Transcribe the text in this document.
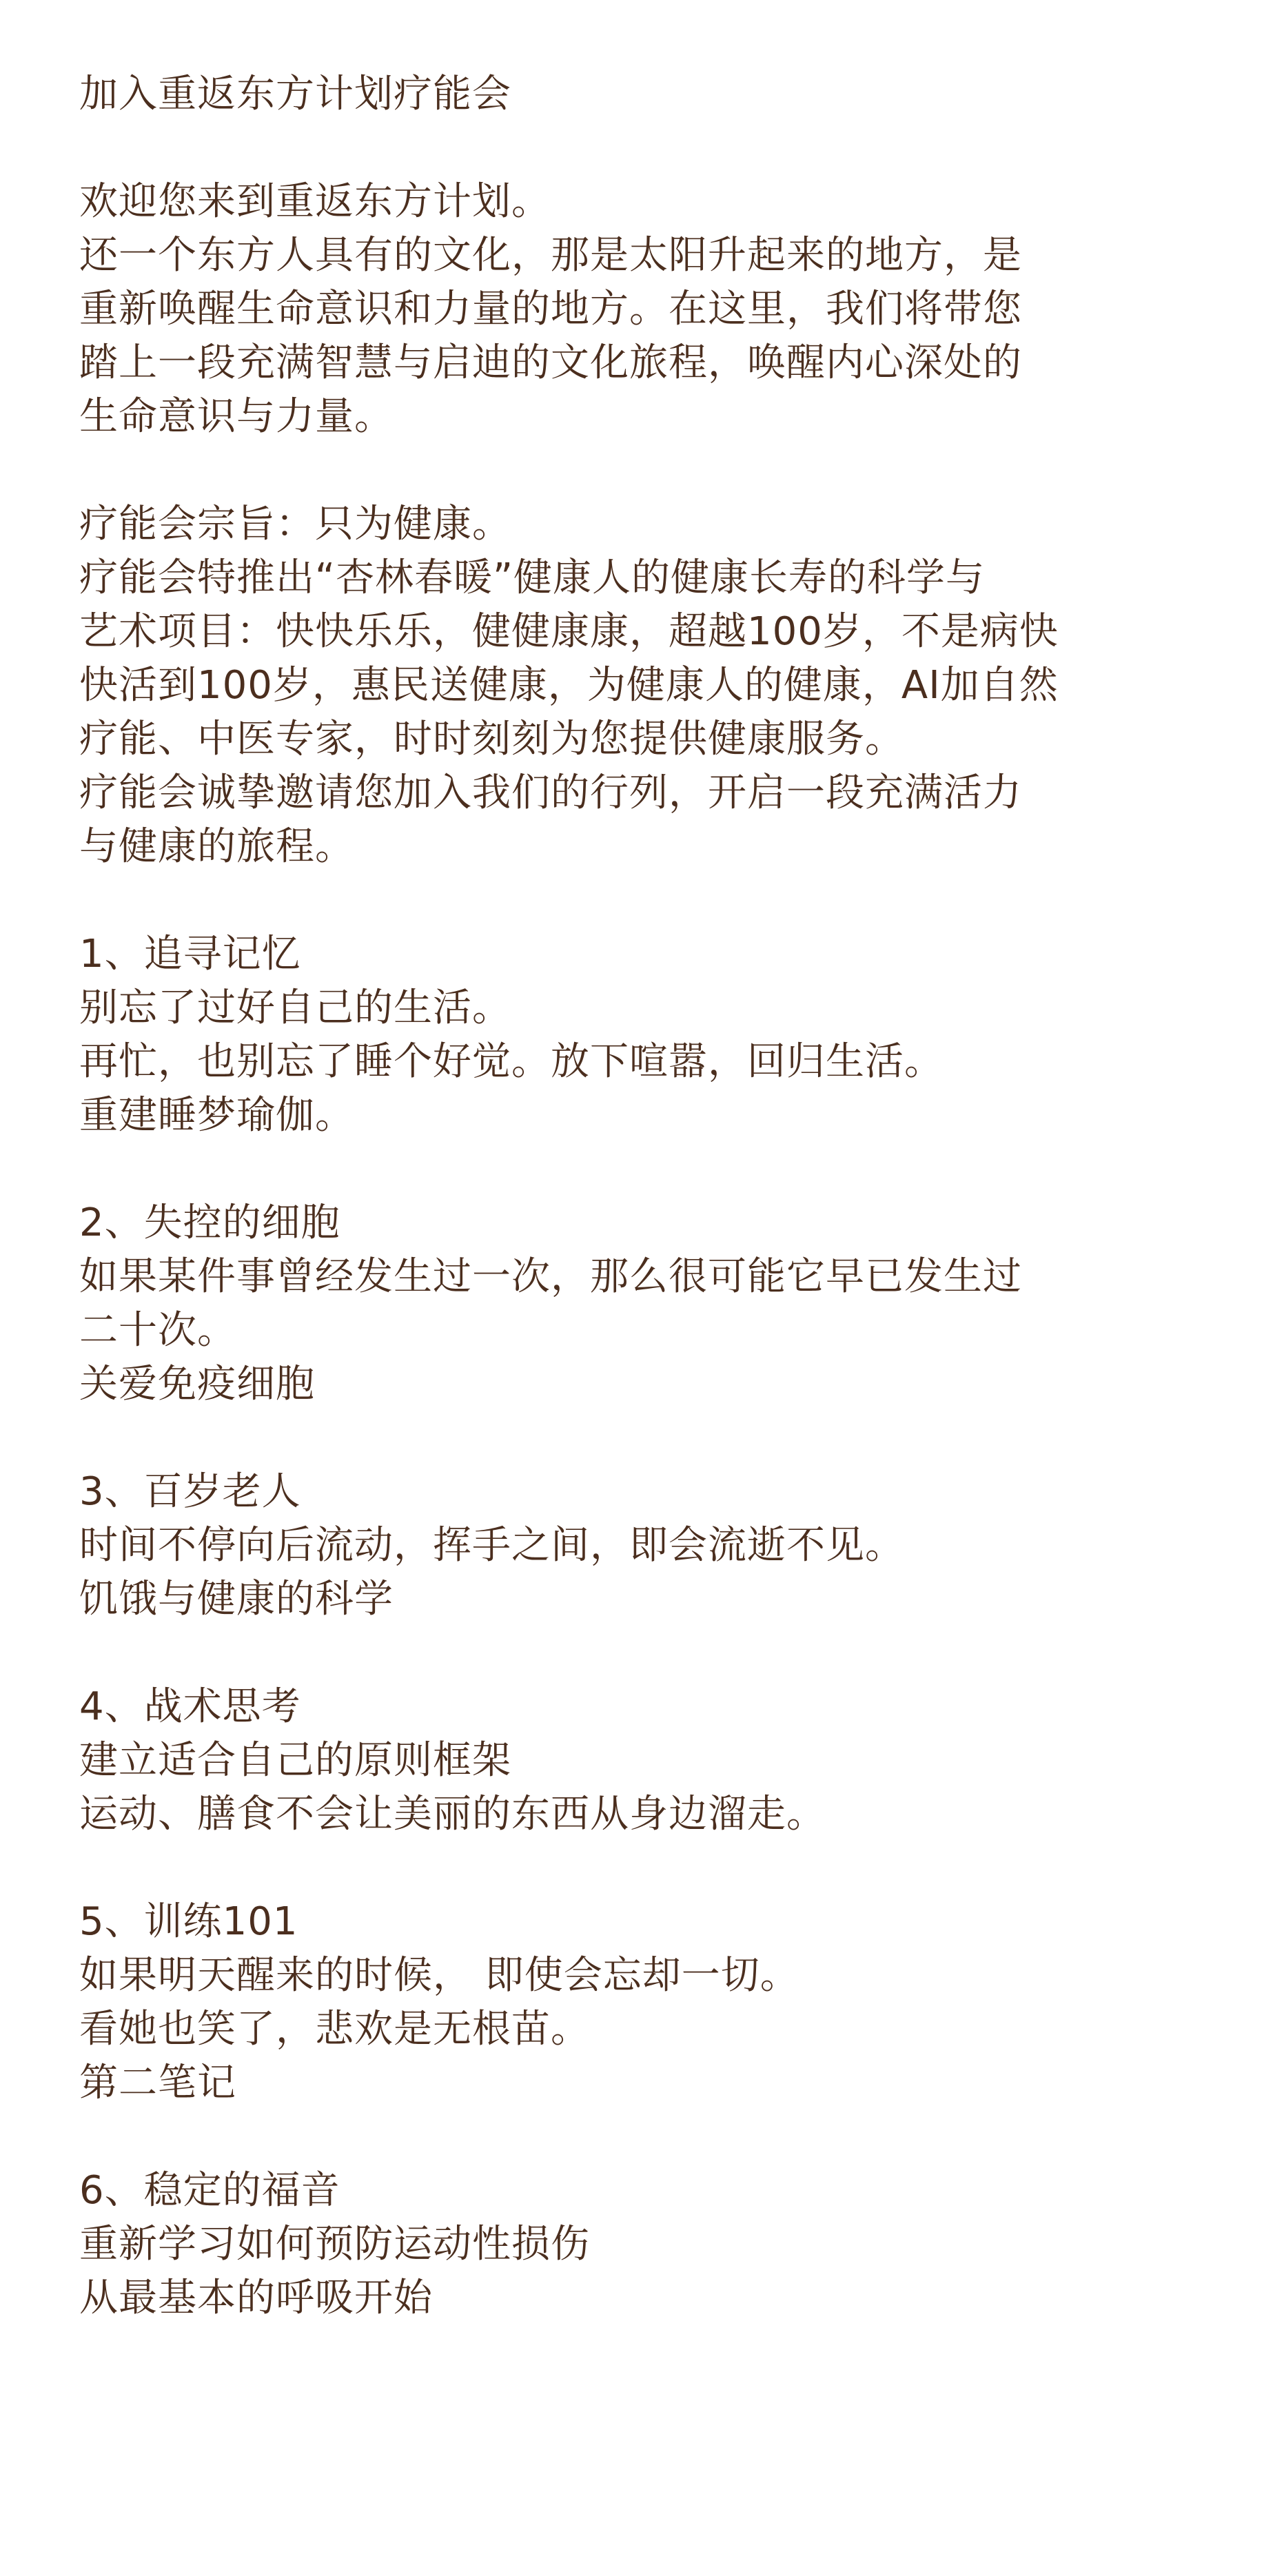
加入重返东方计划疗能会
欢迎您来到重返东方计划。
还一个东方人具有的文化，那是太阳升起来的地方，是
重新唤醒生命意识和力量的地方。在这里，我们将带您
踏上一段充满智慧与启迪的文化旅程，唤醒内心深处的
生命意识与力量。
疗能会宗旨：只为健康。
疗能会特推出“杏林春暖”健康人的健康长寿的科学与
艺术项目：快快乐乐，健健康康，超越100岁，不是病快
快活到100岁，惠民送健康，为健康人的健康，AI加自然
疗能、中医专家，时时刻刻为您提供健康服务。
疗能会诚挚邀请您加入我们的行列，开启一段充满活力
与健康的旅程。
1、追寻记忆
别忘了过好自己的生活。
再忙，也别忘了睡个好觉。放下喧嚣，回归生活。
重建睡梦瑜伽。
2、失控的细胞
如果某件事曾经发生过一次，那么很可能它早已发生过
二十次。
关爱免疫细胞
3、百岁老人
时间不停向后流动，挥手之间，即会流逝不见。
饥饿与健康的科学
4、战术思考
建立适合自己的原则框架
运动、膳食不会让美丽的东西从身边溜走。
5、训练101
如果明天醒来的时候， 即使会忘却一切。
看她也笑了，悲欢是无根苗。
第二笔记
6、稳定的福音
重新学习如何预防运动性损伤
从最基本的呼吸开始
